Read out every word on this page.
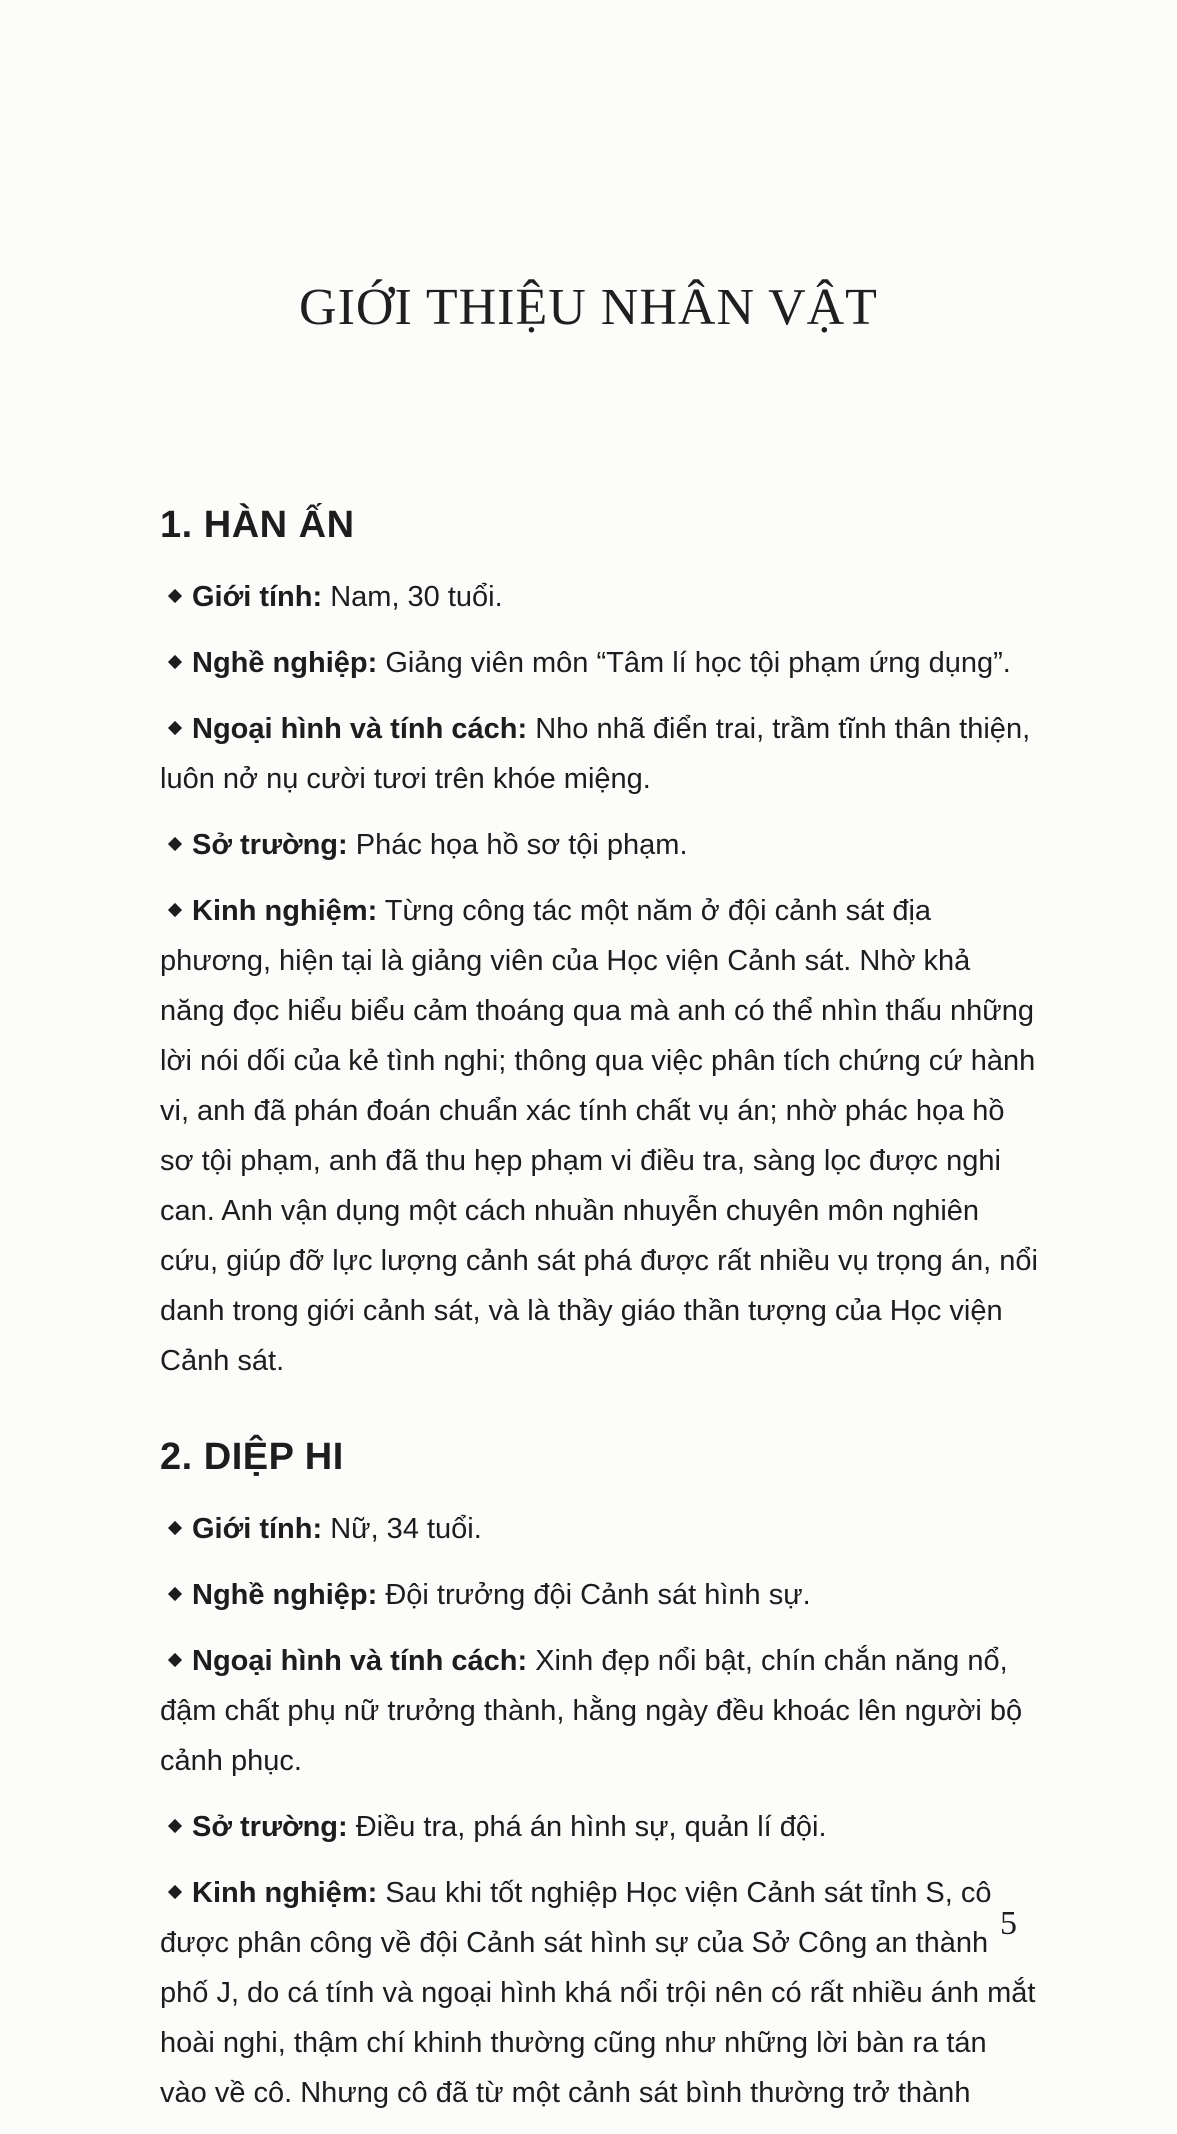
GIỚI THIỆU NHÂN VẬT
1. HÀN ẤN

Giới tính: Nam, 30 tuổi.

Nghề nghiệp: Giảng viên môn “Tâm lí học tội phạm ứng dụng”.

Ngoại hình và tính cách: Nho nhã điển trai, trầm tĩnh thân thiện, luôn nở nụ cười tươi trên khóe miệng.

Sở trường: Phác họa hồ sơ tội phạm.

Kinh nghiệm: Từng công tác một năm ở đội cảnh sát địa phương, hiện tại là giảng viên của Học viện Cảnh sát. Nhờ khả năng đọc hiểu biểu cảm thoáng qua mà anh có thể nhìn thấu những lời nói dối của kẻ tình nghi; thông qua việc phân tích chứng cứ hành vi, anh đã phán đoán chuẩn xác tính chất vụ án; nhờ phác họa hồ sơ tội phạm, anh đã thu hẹp phạm vi điều tra, sàng lọc được nghi can. Anh vận dụng một cách nhuần nhuyễn chuyên môn nghiên cứu, giúp đỡ lực lượng cảnh sát phá được rất nhiều vụ trọng án, nổi danh trong giới cảnh sát, và là thầy giáo thần tượng của Học viện Cảnh sát.

2. DIỆP HI

Giới tính: Nữ, 34 tuổi.

Nghề nghiệp: Đội trưởng đội Cảnh sát hình sự.

Ngoại hình và tính cách: Xinh đẹp nổi bật, chín chắn năng nổ, đậm chất phụ nữ trưởng thành, hằng ngày đều khoác lên người bộ cảnh phục.

Sở trường: Điều tra, phá án hình sự, quản lí đội.

Kinh nghiệm: Sau khi tốt nghiệp Học viện Cảnh sát tỉnh S, cô được phân công về đội Cảnh sát hình sự của Sở Công an thành phố J, do cá tính và ngoại hình khá nổi trội nên có rất nhiều ánh mắt hoài nghi, thậm chí khinh thường cũng như những lời bàn ra tán vào về cô. Nhưng cô đã từ một cảnh sát bình thường trở thành

5
